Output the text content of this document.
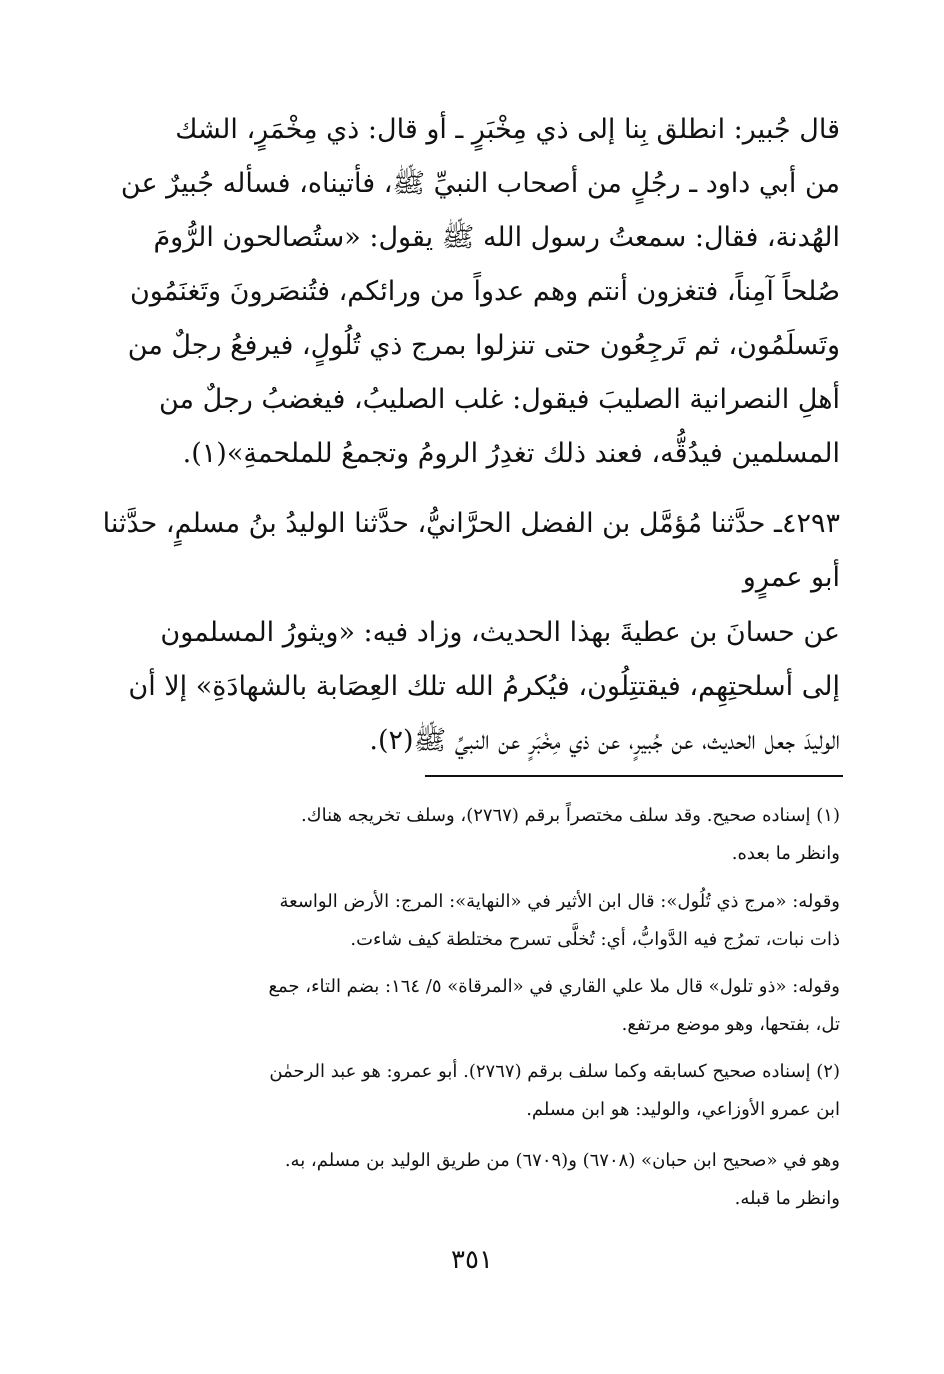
قال جُبير: انطلق بِنا إلى ذي مِخْبَرٍ ـ أو قال: ذي مِخْمَرٍ، الشك
من أبي داود ـ رجُلٍ من أصحاب النبيِّ ﷺ، فأتيناه، فسأله جُبيرٌ عن
الهُدنة، فقال: سمعتُ رسول الله ﷺ يقول: «ستُصالحون الرُّومَ
صُلحاً آمِناً، فتغزون أنتم وهم عدواً من ورائكم، فتُنصَرونَ وتَغنَمُون
وتَسلَمُون، ثم تَرجِعُون حتى تنزلوا بمرج ذي تُلُولٍ، فيرفعُ رجلٌ من
أهلِ النصرانية الصليبَ فيقول: غلب الصليبُ، فيغضبُ رجلٌ من
المسلمين فيدُقُّه، فعند ذلك تغدِرُ الرومُ وتجمعُ للملحمةِ»(١).
٤٢٩٣ـ حدَّثنا مُؤمَّل بن الفضل الحرَّانيُّ، حدَّثنا الوليدُ بنُ مسلمٍ، حدَّثنا
أبو عمرٍو
عن حسانَ بن عطيةَ بهذا الحديث، وزاد فيه: «ويثورُ المسلمون
إلى أسلحتِهِم، فيقتتِلُون، فيُكرمُ الله تلك العِصَابة بالشهادَةِ» إلا أن
الوليدَ جعل الحديث، عن جُبيرٍ، عن ذي مِخْبَرٍ عن النبيِّ ﷺ(٢).
(١) إسناده صحيح. وقد سلف مختصراً برقم (٢٧٦٧)، وسلف تخريجه هناك.
وانظر ما بعده.
وقوله: «مرج ذي تُلُول»: قال ابن الأثير في «النهاية»: المرج: الأرض الواسعة
ذات نبات، تمرُج فيه الدَّوابُّ، أي: تُخلَّى تسرح مختلطة كيف شاءت.
وقوله: «ذو تلول» قال ملا علي القاري في «المرقاة» ٥/ ١٦٤: بضم التاء، جمع
تل، بفتحها، وهو موضع مرتفع.
(٢) إسناده صحيح كسابقه وكما سلف برقم (٢٧٦٧). أبو عمرو: هو عبد الرحمٰن
ابن عمرو الأوزاعي، والوليد: هو ابن مسلم.
وهو في «صحيح ابن حبان» (٦٧٠٨) و(٦٧٠٩) من طريق الوليد بن مسلم، به.
وانظر ما قبله.
٣٥١
